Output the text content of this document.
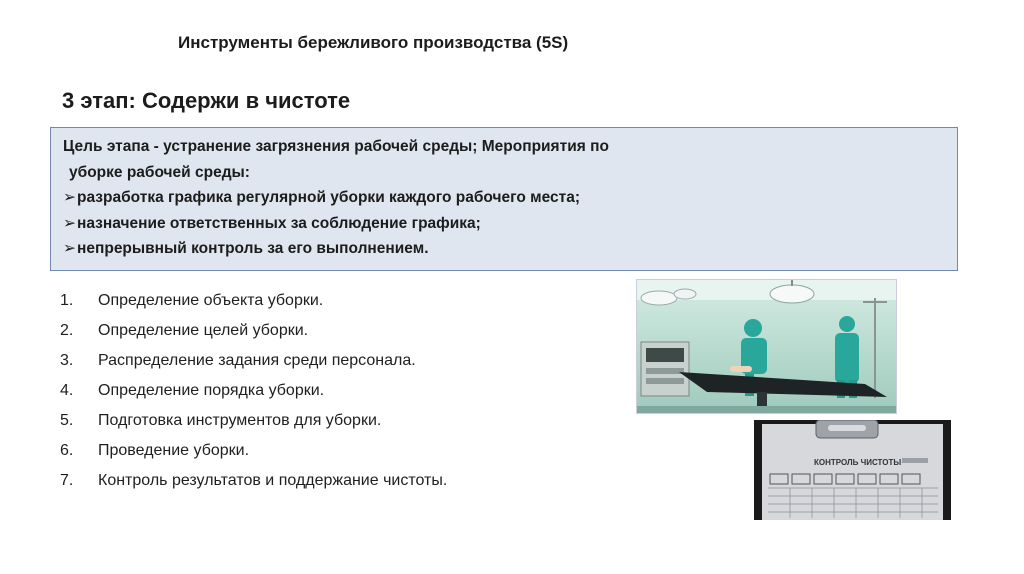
Инструменты бережливого производства (5S)
3 этап: Содержи в чистоте
Цель этапа - устранение загрязнения рабочей среды; Мероприятия по
уборке рабочей среды:
➢разработка графика регулярной уборки каждого рабочего места;
➢назначение ответственных за соблюдение графика;
➢непрерывный контроль за его выполнением.
1. Определение объекта уборки.
2. Определение целей уборки.
3. Распределение задания среди персонала.
4. Определение порядка уборки.
5. Подготовка инструментов для уборки.
6. Проведение уборки.
7. Контроль результатов и поддержание чистоты.
КОНТРОЛЬ ЧИСТОТЫ
